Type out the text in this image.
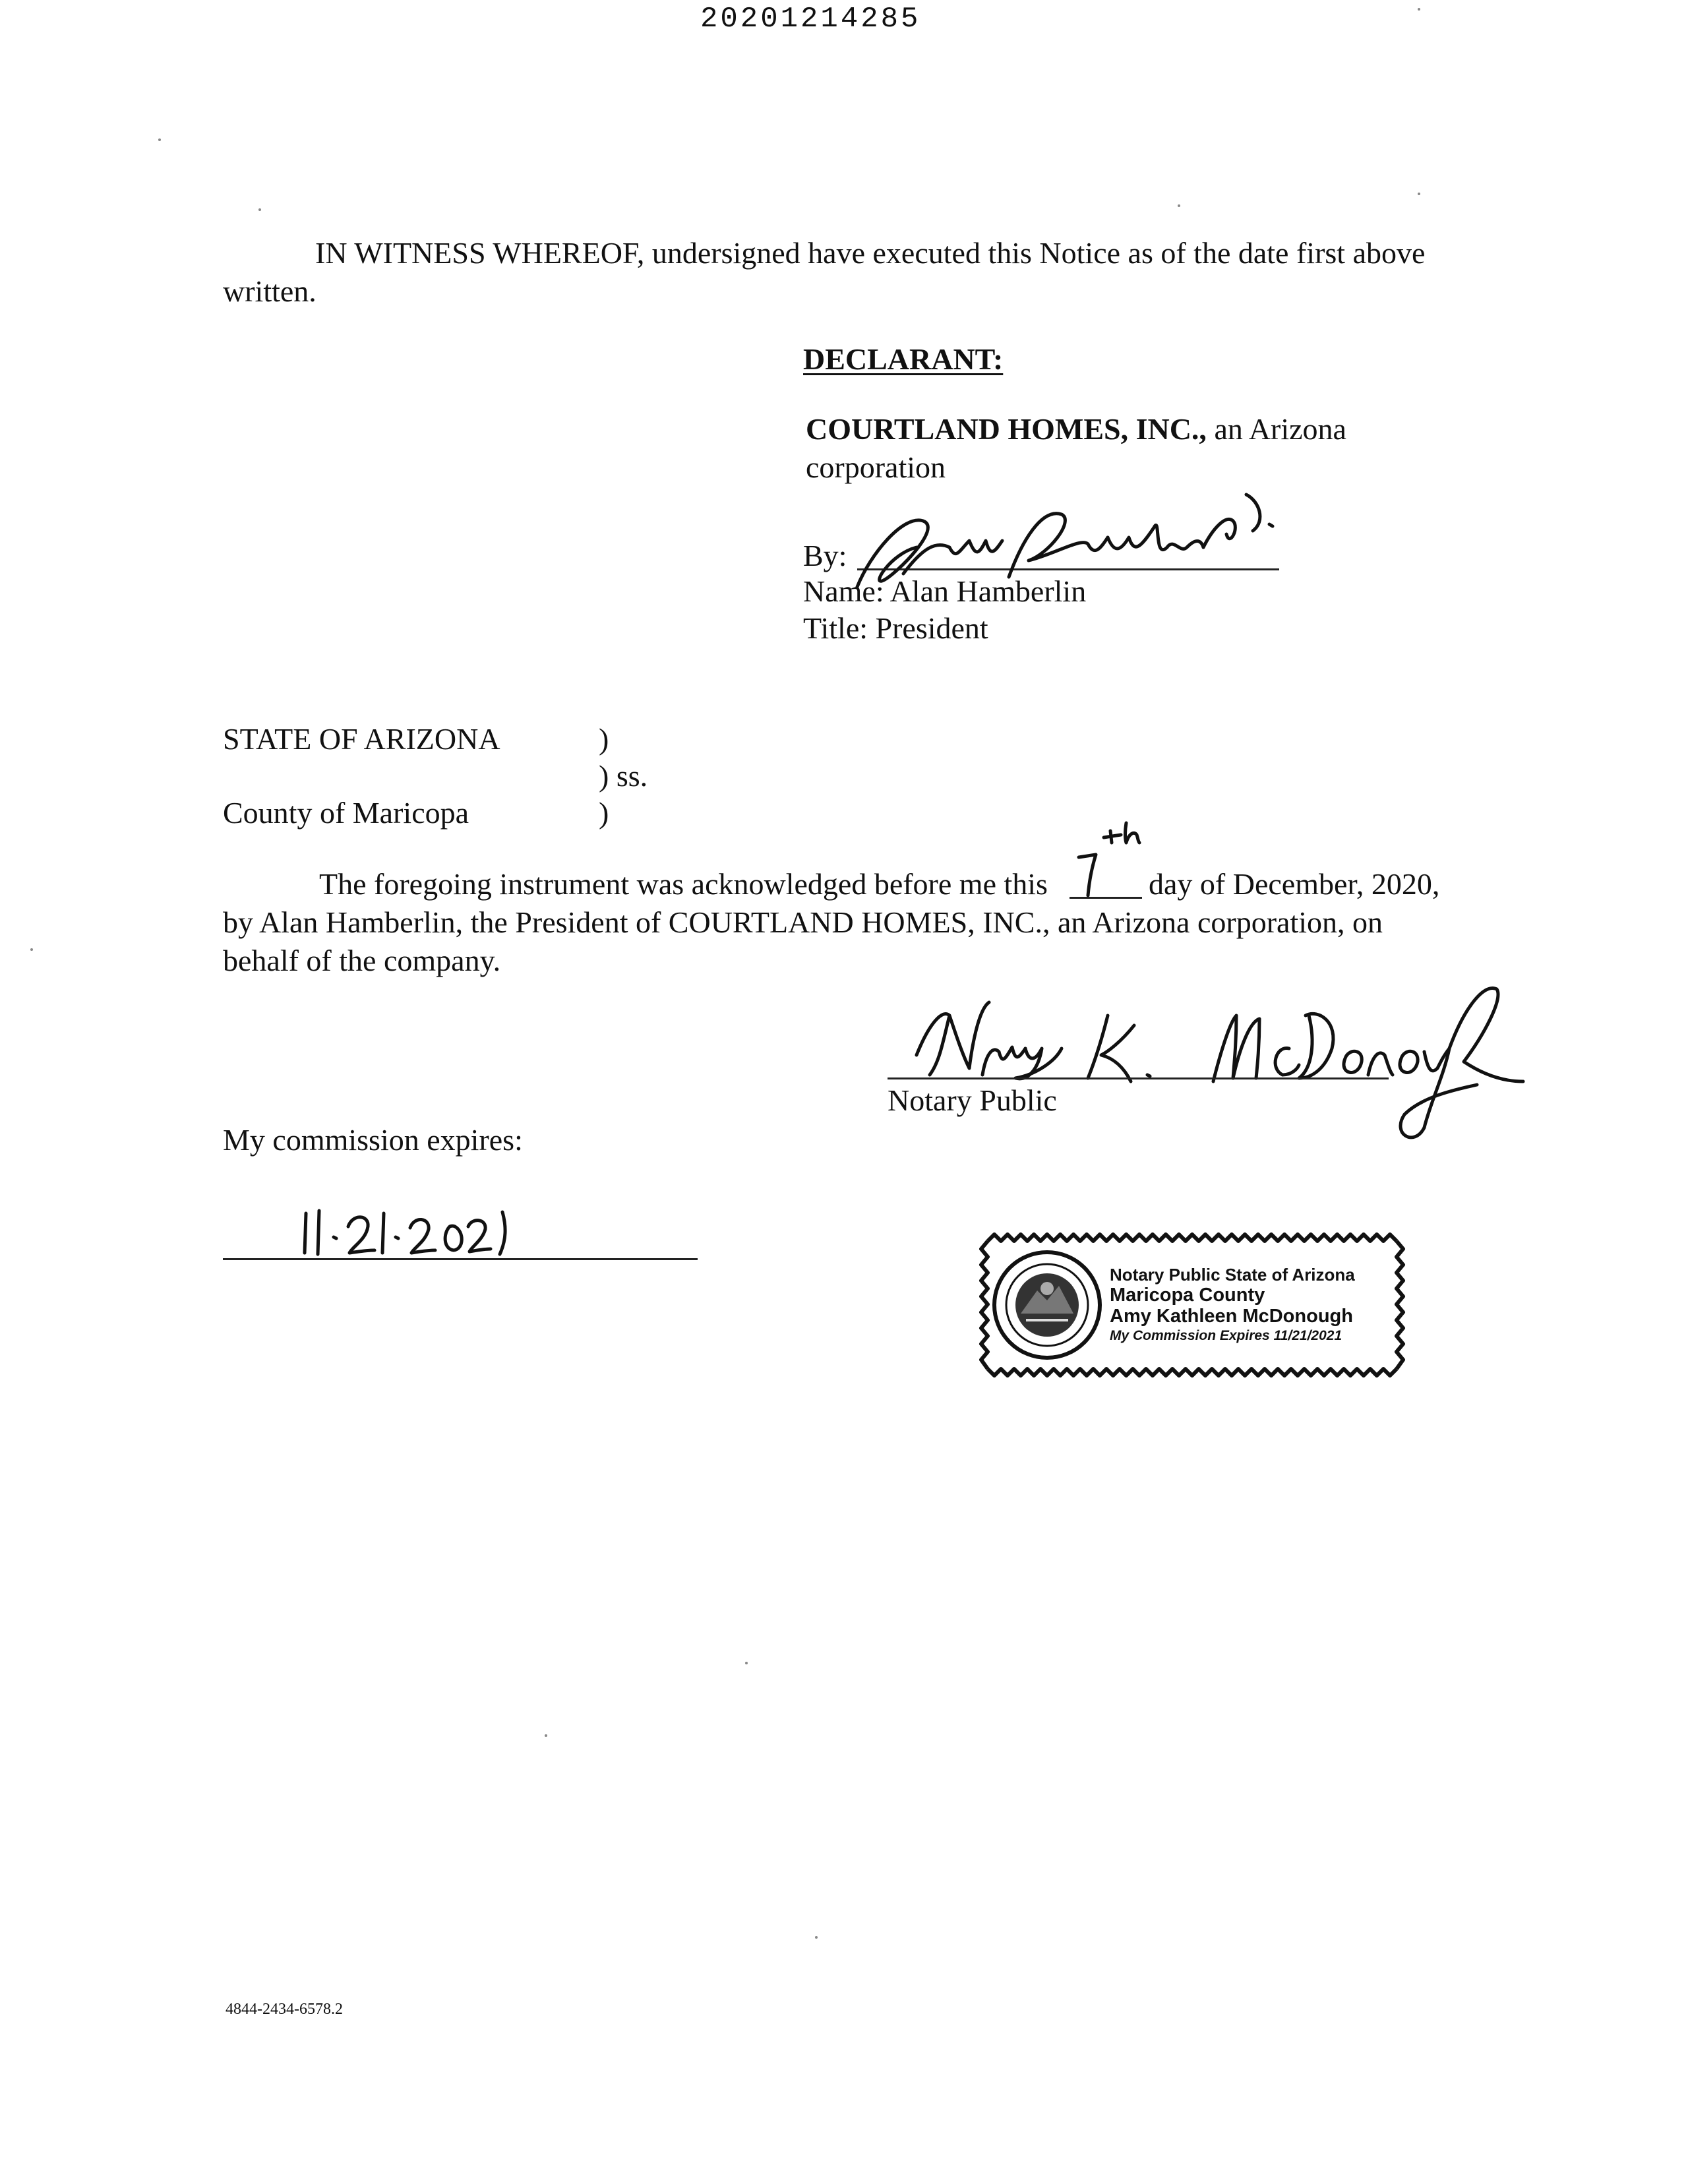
20201214285
IN WITNESS WHEREOF, undersigned have executed this Notice as of the date first above
written.
DECLARANT:
COURTLAND HOMES, INC., an Arizona
corporation
By:
Name: Alan Hamberlin
Title: President
STATE OF ARIZONA	)
) ss.
County of Maricopa	)
The foregoing instrument was acknowledged before me this
7th
day of December, 2020,
by Alan Hamberlin, the President of COURTLAND HOMES, INC., an Arizona corporation, on
behalf of the company.
Notary Public
My commission expires:
Notary Public State of Arizona
Maricopa County
Amy Kathleen McDonough
My Commission Expires 11/21/2021
4844-2434-6578.2
